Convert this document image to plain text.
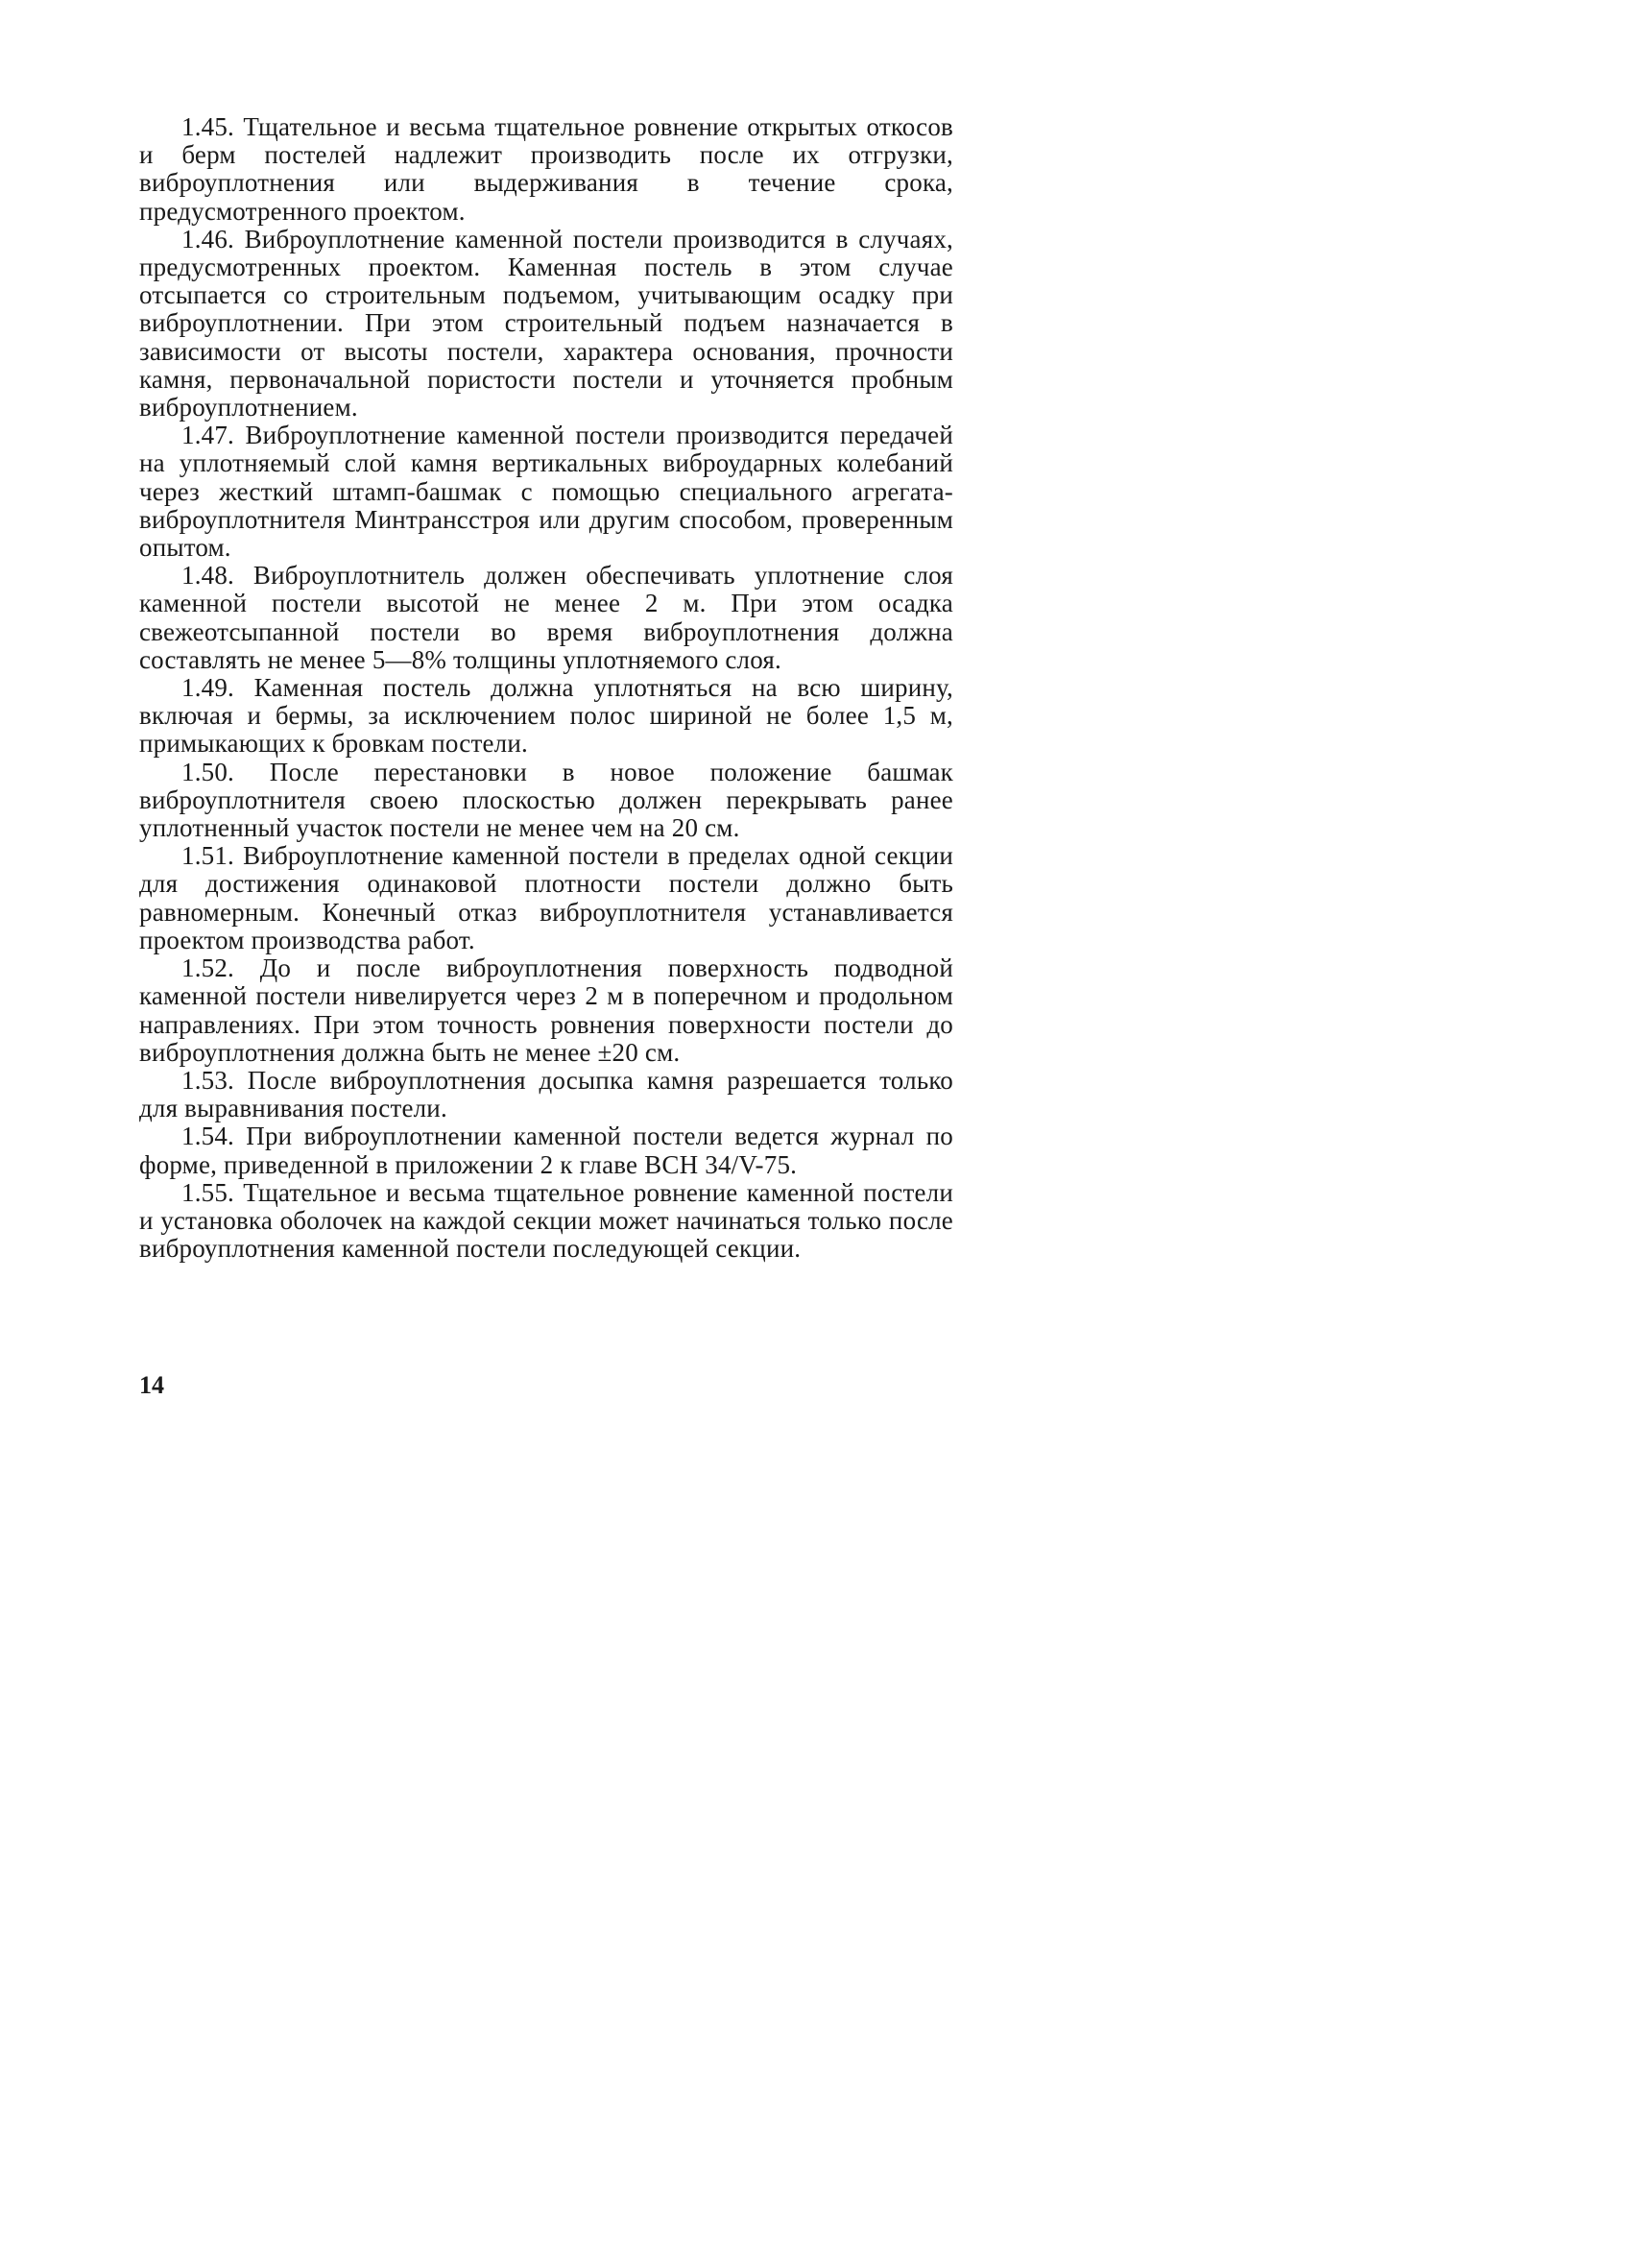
1.45. Тщательное и весьма тщательное ровнение открытых откосов и берм постелей надлежит производить после их отгрузки, виброуплотнения или выдерживания в течение срока, предусмотренного проектом.

1.46. Виброуплотнение каменной постели производится в случаях, предусмотренных проектом. Каменная постель в этом случае отсыпается со строительным подъемом, учитывающим осадку при виброуплотнении. При этом строительный подъем назначается в зависимости от высоты постели, характера основания, прочности камня, первоначальной пористости постели и уточняется пробным виброуплотнением.

1.47. Виброуплотнение каменной постели производится передачей на уплотняемый слой камня вертикальных виброударных колебаний через жесткий штамп-башмак с помощью специального агрегата-виброуплотнителя Минтрансстроя или другим способом, проверенным опытом.

1.48. Виброуплотнитель должен обеспечивать уплотнение слоя каменной постели высотой не менее 2 м. При этом осадка свежеотсыпанной постели во время виброуплотнения должна составлять не менее 5—8% толщины уплотняемого слоя.

1.49. Каменная постель должна уплотняться на всю ширину, включая и бермы, за исключением полос шириной не более 1,5 м, примыкающих к бровкам постели.

1.50. После перестановки в новое положение башмак виброуплотнителя своею плоскостью должен перекрывать ранее уплотненный участок постели не менее чем на 20 см.

1.51. Виброуплотнение каменной постели в пределах одной секции для достижения одинаковой плотности постели должно быть равномерным. Конечный отказ виброуплотнителя устанавливается проектом производства работ.

1.52. До и после виброуплотнения поверхность подводной каменной постели нивелируется через 2 м в поперечном и продольном направлениях. При этом точность ровнения поверхности постели до виброуплотнения должна быть не менее ±20 см.

1.53. После виброуплотнения досыпка камня разрешается только для выравнивания постели.

1.54. При виброуплотнении каменной постели ведется журнал по форме, приведенной в приложении 2 к главе ВСН 34/V-75.

1.55. Тщательное и весьма тщательное ровнение каменной постели и установка оболочек на каждой секции может начинаться только после виброуплотнения каменной постели последующей секции.

14
